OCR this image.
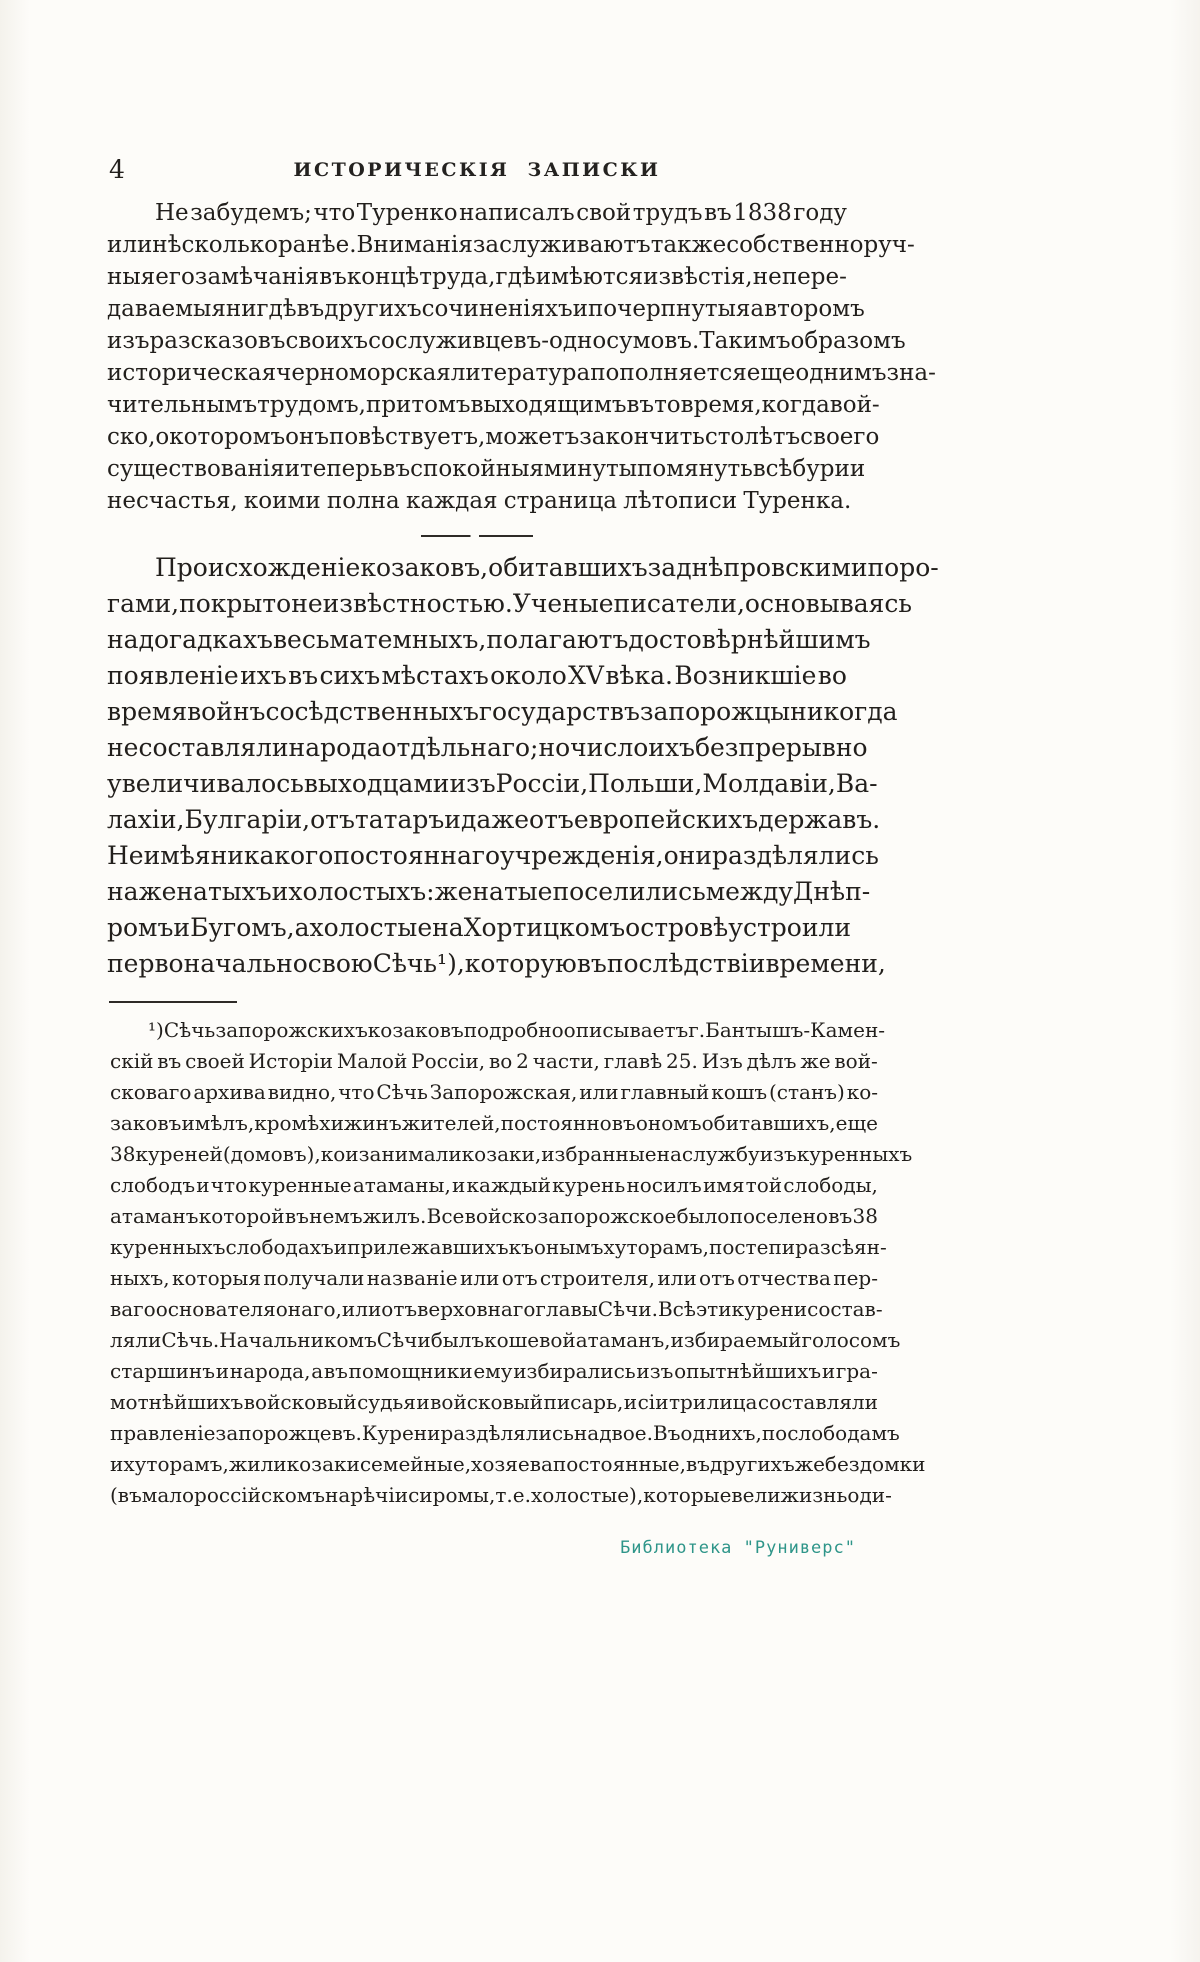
4	ИСТОРИЧЕСКІЯ ЗАПИСКИ
Не забудемъ; что Туренко написалъ свой трудъ въ 1838 году
или нѣсколько ранѣе. Вниманія заслуживаютъ также собственноруч-
ныя его замѣчанія въ концѣ труда, гдѣ имѣются извѣстія, не пере-
даваемыя нигдѣ въ другихъ сочиненіяхъ и почерпнутыя авторомъ
изъ разсказовъ своихъ сослуживцевъ-односумовъ. Такимъ образомъ
историческая черноморская литература пополняется еще однимъ зна-
чительнымъ трудомъ, притомъ выходящимъ въ то время, когда вой-
ско, о которомъ онъ повѣствуетъ, можетъ закончить сто лѣтъ своего
существованія и теперь въ спокойныя минуты помянуть всѣ бури и
несчастья, коими полна каждая страница лѣтописи Туренка.
Происхожденіе козаковъ, обитавшихъ за днѣпровскими поро-
гами, покрыто неизвѣстностью. Ученые писатели, основываясь
на догадкахъ весьма темныхъ, полагаютъ достовѣрнѣйшимъ
появленіе ихъ въ сихъ мѣстахъ около XV вѣка. Возникшіе во
время войнъ сосѣдственныхъ государствъ запорожцы никогда
не составляли народа отдѣльнаго; но число ихъ безпрерывно
увеличивалось выходцами изъ Россіи, Польши, Молдавіи, Ва-
лахіи, Булгаріи, отъ татаръ и даже отъ европейскихъ державъ.
Не имѣя никакого постояннаго учрежденія, они раздѣлялись
на женатыхъ и холостыхъ: женатые поселились между Днѣп-
ромъ и Бугомъ, а холостые на Хортицкомъ островѣ устроили
первоначально свою Сѣчь ¹), которую въ послѣдствіи времени,
¹) Сѣчь запорожскихъ козаковъ подробно описываетъ г. Бантышъ-Камен-
скій въ своей Исторіи Малой Россіи, во 2 части, главѣ 25. Изъ дѣлъ же вой-
сковаго архива видно, что Сѣчь Запорожская, или главный кошъ (станъ) ко-
заковъ имѣлъ, кромѣ хижинъ жителей, постоянно въ ономъ обитавшихъ, еще
38 куреней (домовъ), кои занимали козаки, избранные на службу изъ куренныхъ
слободъ и что куренные атаманы, и каждый курень носилъ имя той слободы,
атаманъ которой въ немъ жилъ. Все войско запорожское было поселено въ 38
куренныхъ слободахъ и прилежавшихъ къ онымъ хуторамъ, по степи разсѣян-
ныхъ, которыя получали названіе или отъ строителя, или отъ отчества пер-
ваго основателя онаго, или отъ верховнаго главы Сѣчи. Всѣ эти курени состав-
ляли Сѣчь. Начальникомъ Сѣчи былъ кошевой атаманъ, избираемый голосомъ
старшинъ и народа, а въ помощники ему избирались изъ опытнѣйшихъ и гра-
мотнѣйшихъ войсковый судья и войсковый писарь, и сіи три лица составляли
правленіе запорожцевъ. Курени раздѣлялись на двое. Въ однихъ, по слободамъ
и хуторамъ, жили козаки семейные, хозяева постоянные, въ другихъ же бездомки
(въ малороссійскомъ нарѣчіи сиромы, т. е. холостые), которые вели жизнь оди-
Библиотека "Руниверс"
